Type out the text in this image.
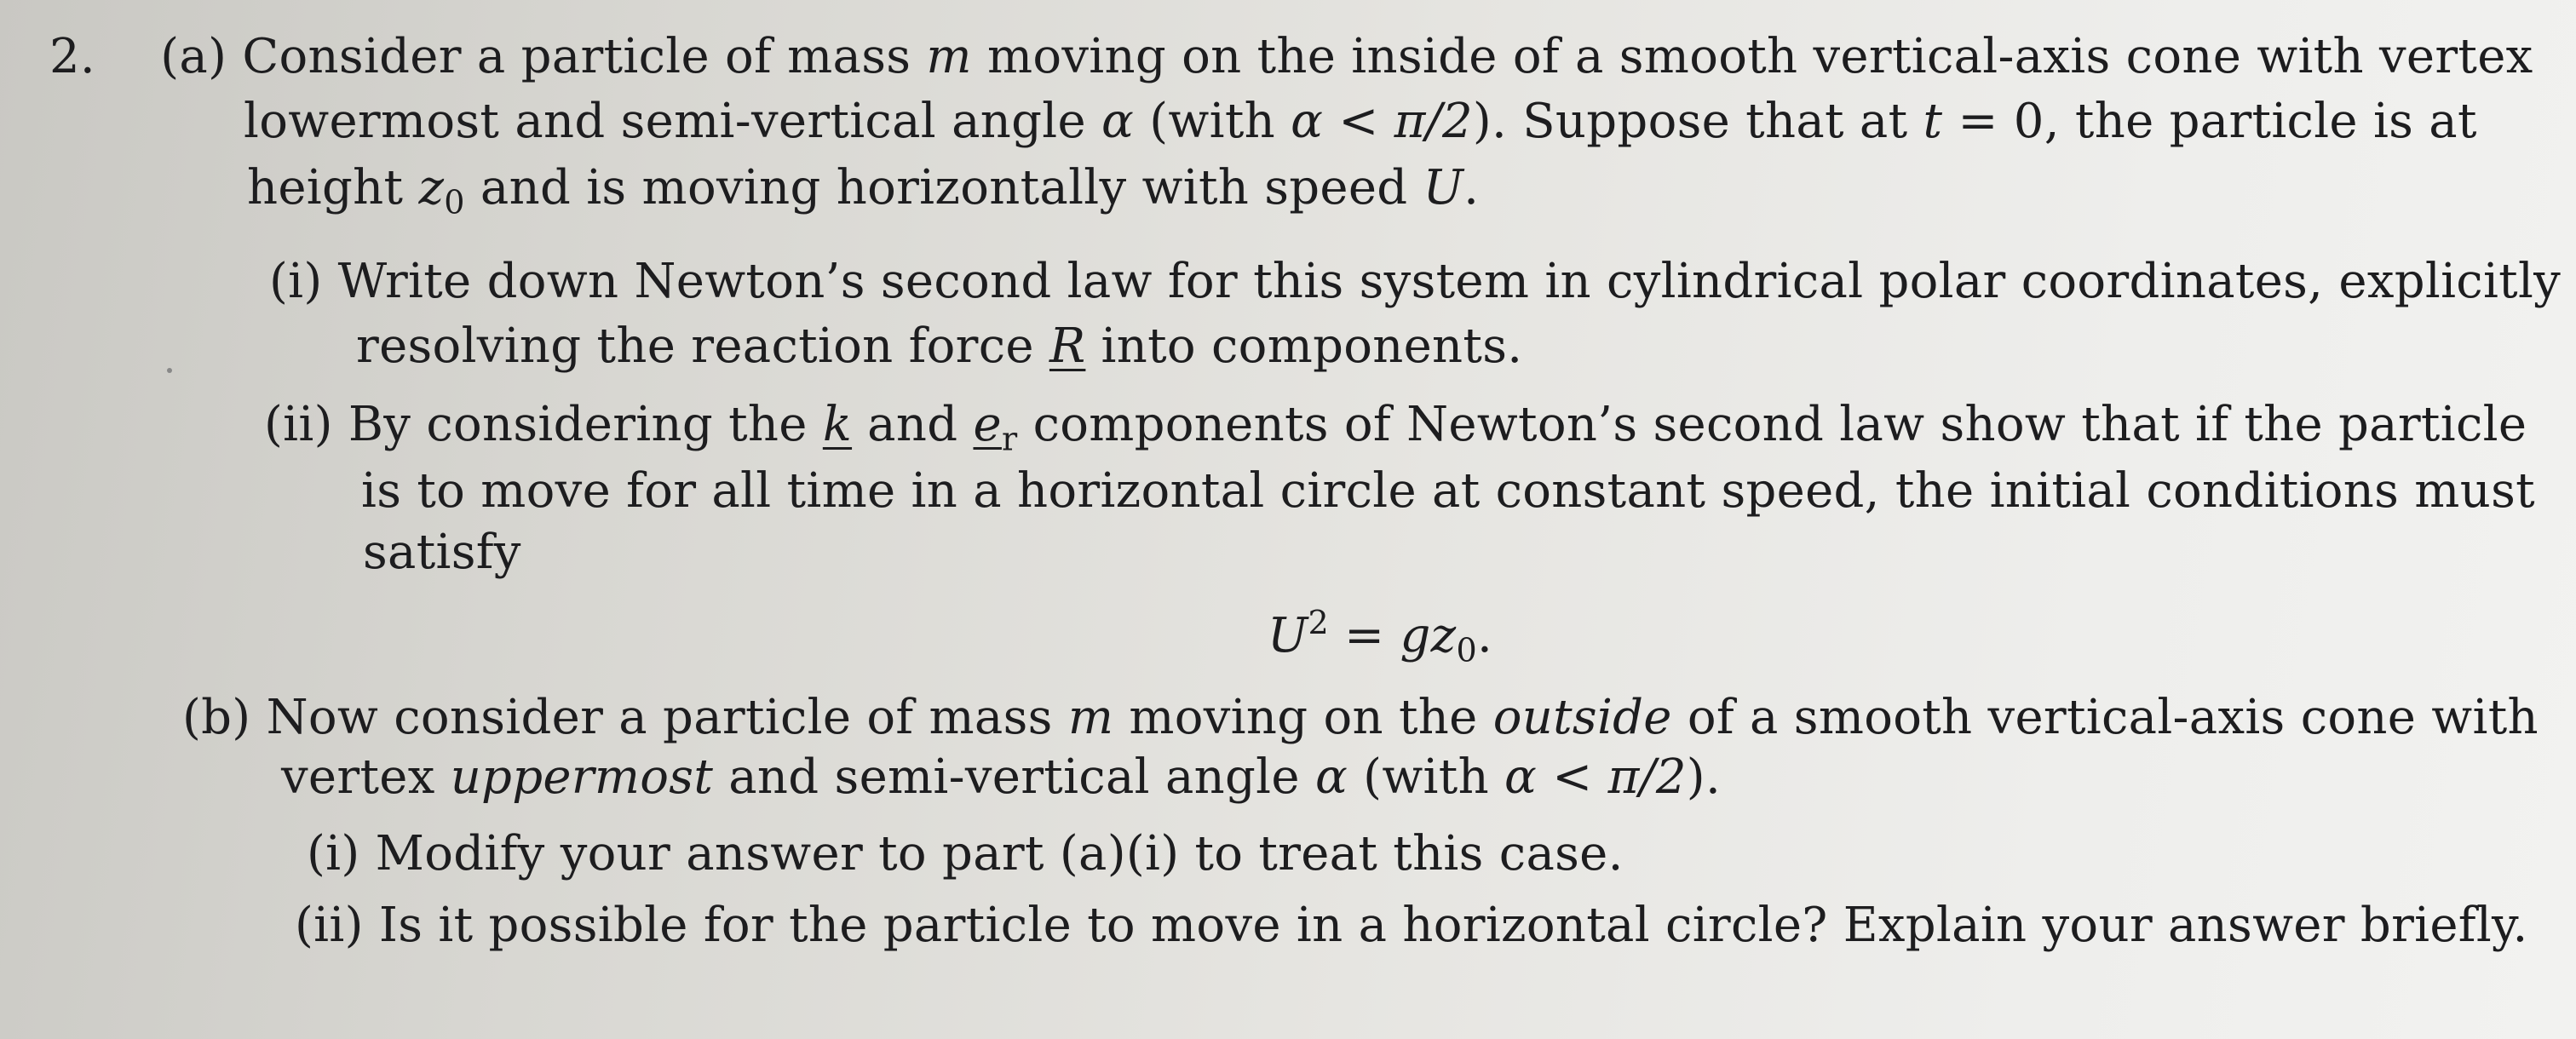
2. (a) Consider a particle of mass m moving on the inside of a smooth vertical-axis cone with vertex
lowermost and semi-vertical angle α (with α < π/2). Suppose that at t = 0, the particle is at
height $z_0$ and is moving horizontally with speed U.
(i) Write down Newton’s second law for this system in cylindrical polar coordinates, explicitly
resolving the reaction force R into components.
(ii) By considering the k and $e_r$ components of Newton’s second law show that if the particle
is to move for all time in a horizontal circle at constant speed, the initial conditions must
satisfy
$U^2 = gz_0$.
(b) Now consider a particle of mass m moving on the outside of a smooth vertical-axis cone with
vertex uppermost and semi-vertical angle α (with α < π/2).
(i) Modify your answer to part (a)(i) to treat this case.
(ii) Is it possible for the particle to move in a horizontal circle? Explain your answer briefly.
